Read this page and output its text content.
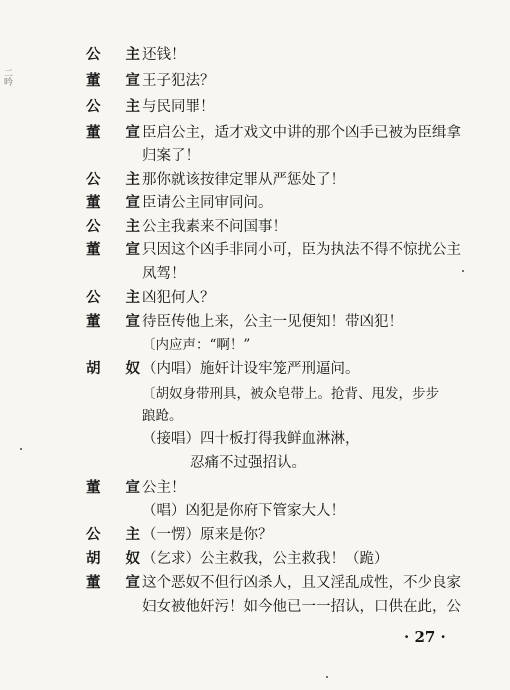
二
吟
公 主
还钱！
董 宣
王子犯法？
公 主
与民同罪！
董 宣
臣启公主，适才戏文中讲的那个凶手已被为臣缉拿
归案了！
公 主
那你就该按律定罪从严惩处了！
董 宣
臣请公主同审同问。
公 主
公主我素来不问国事！
董 宣
只因这个凶手非同小可，臣为执法不得不惊扰公主
凤驾！
公 主
凶犯何人？
董 宣
待臣传他上来，公主一见便知！带凶犯！
〔内应声：“啊！”
胡 奴
（内唱）施奸计设牢笼严刑逼问。
〔胡奴身带刑具，被众皂带上。抢背、甩发，步步
踉跄。
（接唱）四十板打得我鲜血淋淋，
忍痛不过强招认。
董 宣
公主！
（唱）凶犯是你府下管家大人！
公 主
（一愣）原来是你？
胡 奴
（乞求）公主救我，公主救我！（跪）
董 宣
这个恶奴不但行凶杀人，且又淫乱成性，不少良家
妇女被他奸污！如今他已一一招认，口供在此，公
· 27 ·
